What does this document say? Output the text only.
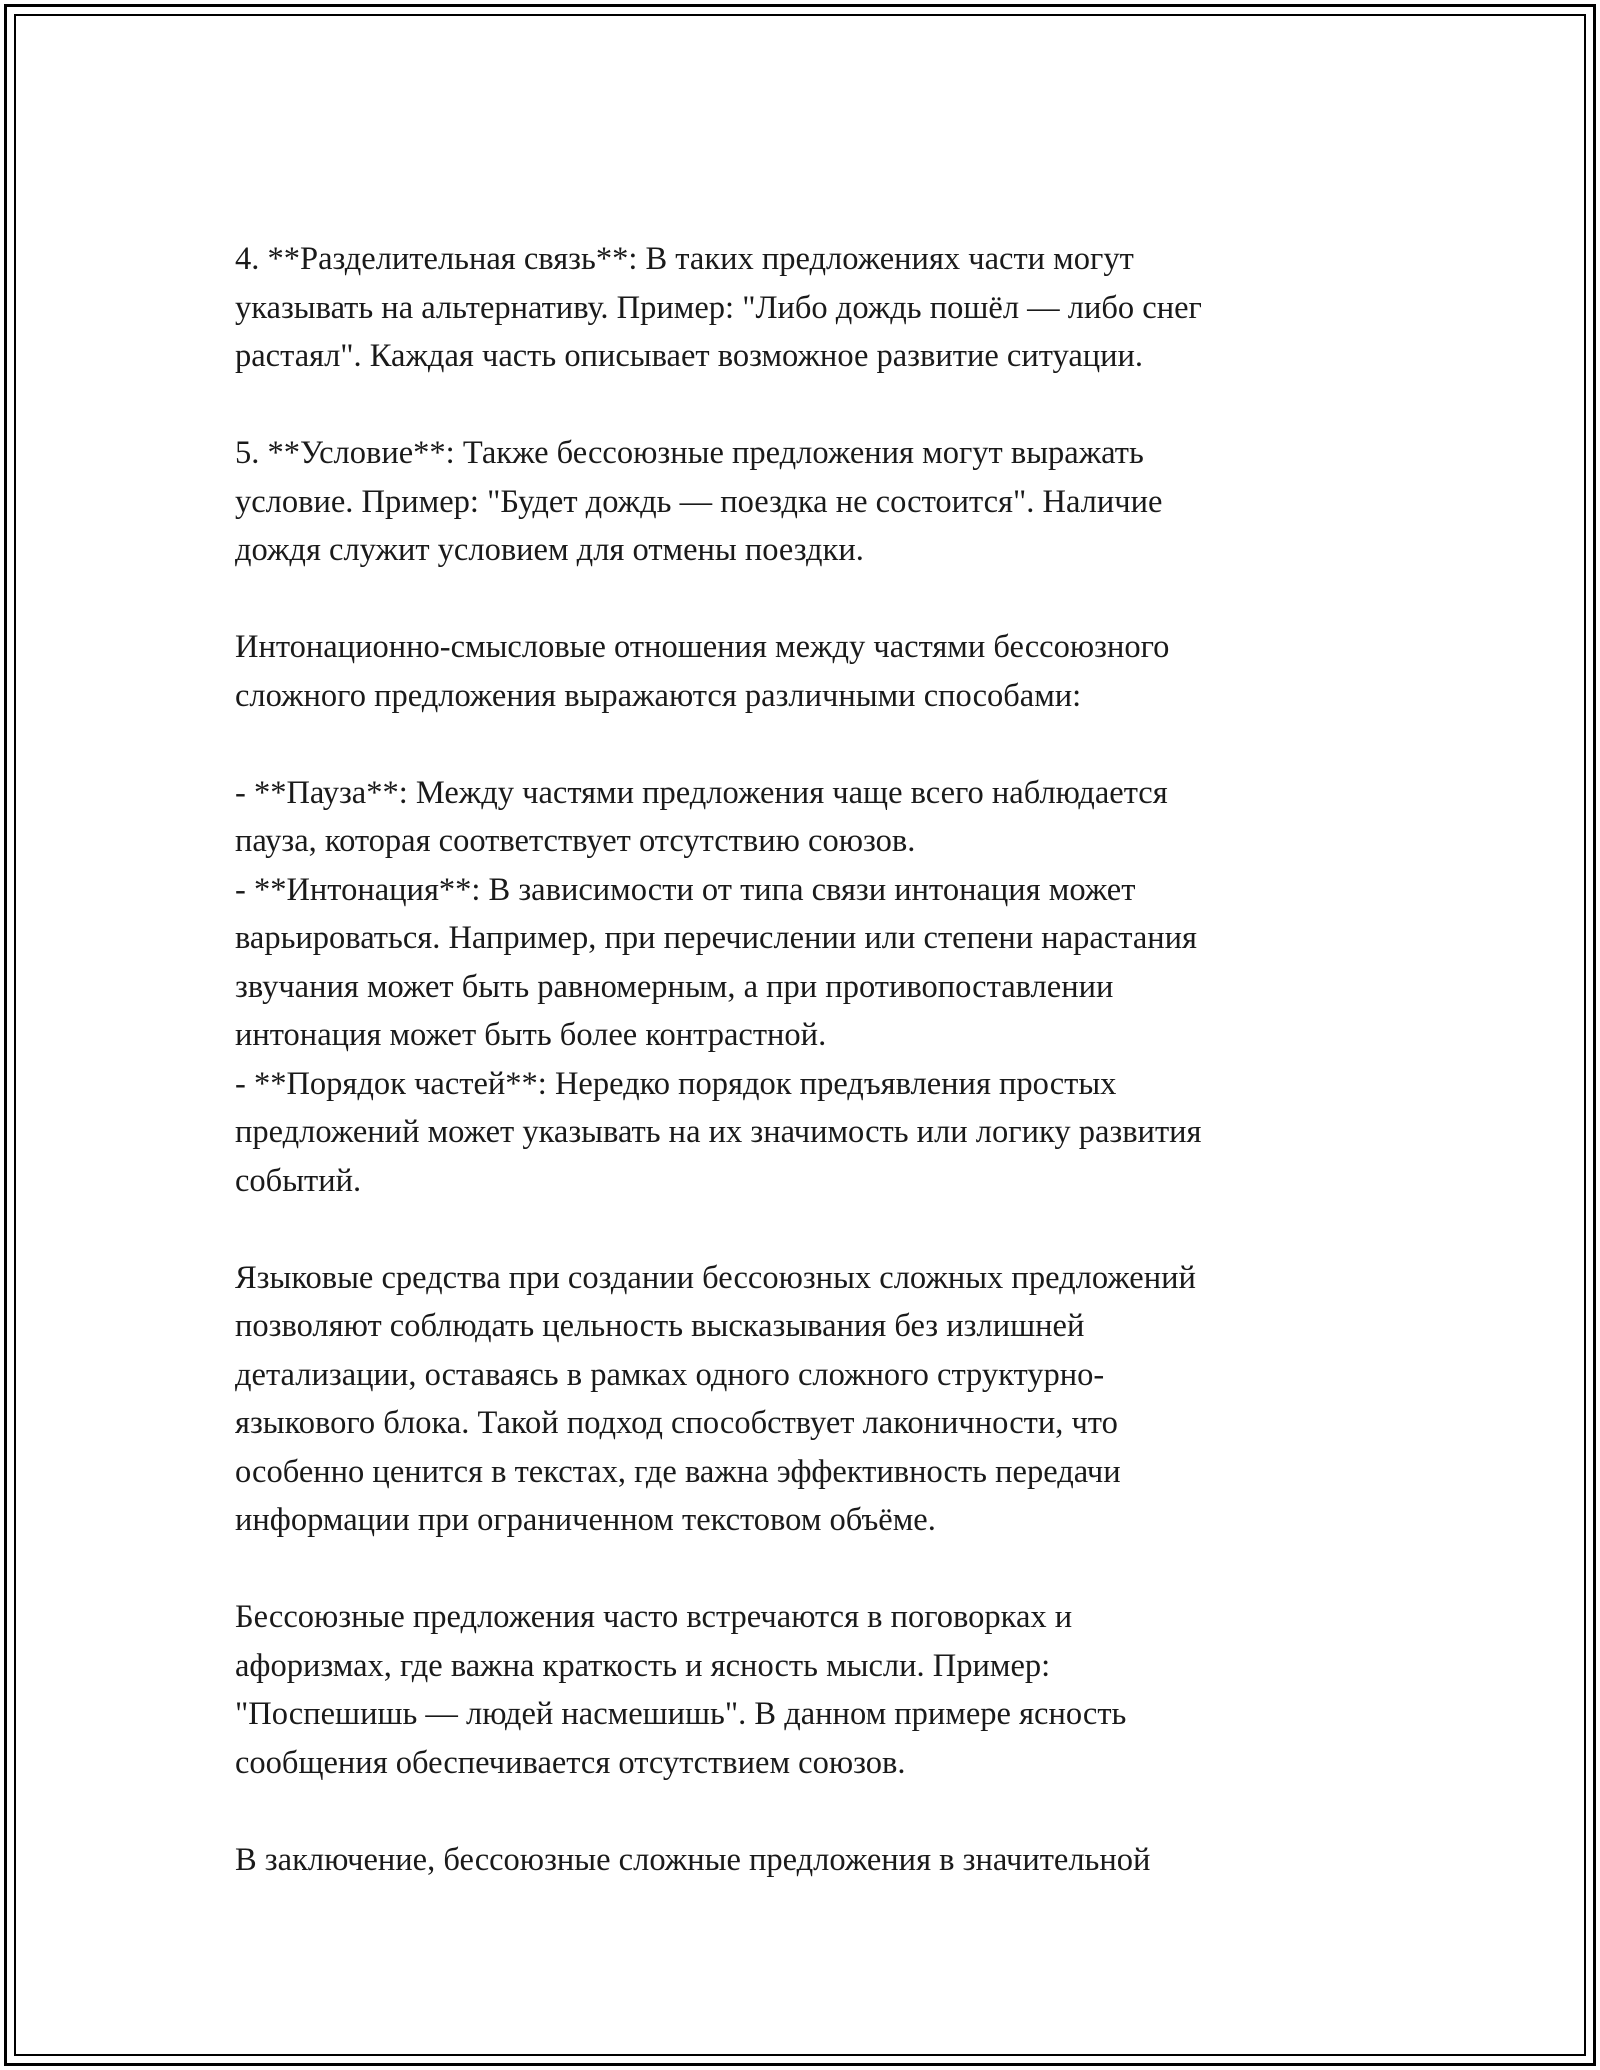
4. **Разделительная связь**: В таких предложениях части могут
указывать на альтернативу. Пример: "Либо дождь пошёл — либо снег
растаял". Каждая часть описывает возможное развитие ситуации.

5. **Условие**: Также бессоюзные предложения могут выражать
условие. Пример: "Будет дождь — поездка не состоится". Наличие
дождя служит условием для отмены поездки.

Интонационно-смысловые отношения между частями бессоюзного
сложного предложения выражаются различными способами:

- **Пауза**: Между частями предложения чаще всего наблюдается
пауза, которая соответствует отсутствию союзов.
- **Интонация**: В зависимости от типа связи интонация может
варьироваться. Например, при перечислении или степени нарастания
звучания может быть равномерным, а при противопоставлении
интонация может быть более контрастной.
- **Порядок частей**: Нередко порядок предъявления простых
предложений может указывать на их значимость или логику развития
событий.

Языковые средства при создании бессоюзных сложных предложений
позволяют соблюдать цельность высказывания без излишней
детализации, оставаясь в рамках одного сложного структурно-
языкового блока. Такой подход способствует лаконичности, что
особенно ценится в текстах, где важна эффективность передачи
информации при ограниченном текстовом объёме.

Бессоюзные предложения часто встречаются в поговорках и
афоризмах, где важна краткость и ясность мысли. Пример:
"Поспешишь — людей насмешишь". В данном примере ясность
сообщения обеспечивается отсутствием союзов.

В заключение, бессоюзные сложные предложения в значительной
